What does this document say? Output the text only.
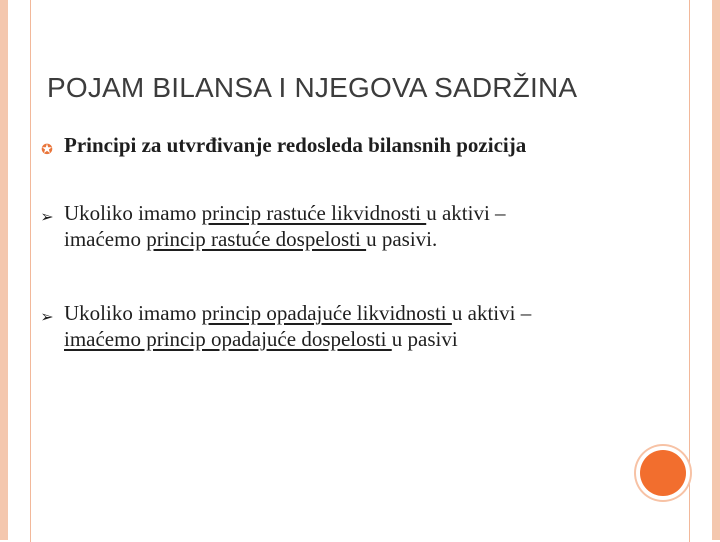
POJAM BILANSA I NJEGOVA SADRŽINA
✪ Principi za utvrđivanje redosleda bilansnih pozicija
➢ Ukoliko imamo princip rastuće likvidnosti u aktivi –
imaćemo princip rastuće dospelosti u pasivi.
➢ Ukoliko imamo princip opadajuće likvidnosti u aktivi –
imaćemo princip opadajuće dospelosti u pasivi
